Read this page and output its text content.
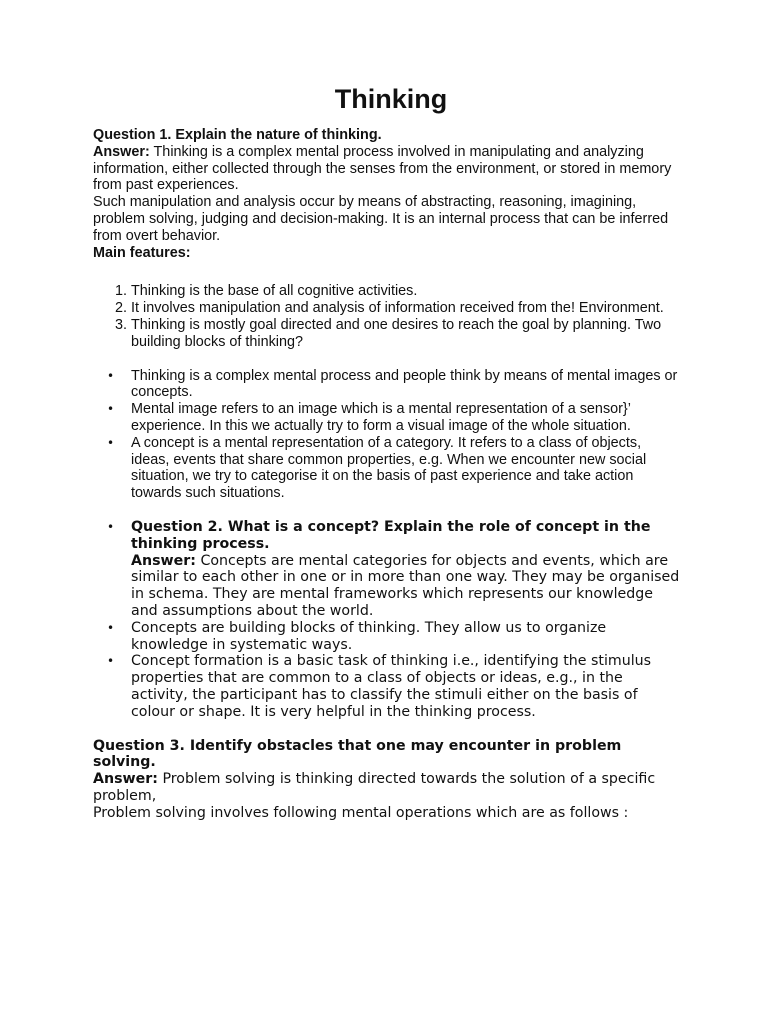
Thinking

Question 1. Explain the nature of thinking.

Answer: Thinking is a complex mental process involved in manipulating and analyzing information, either collected through the senses from the environment, or stored in memory from past experiences.

Such manipulation and analysis occur by means of abstracting, reasoning, imagining, problem solving, judging and decision-making. It is an internal process that can be inferred from overt behavior.

Main features:

1. Thinking is the base of all cognitive activities.
2. It involves manipulation and analysis of information received from the! Environment.
3. Thinking is mostly goal directed and one desires to reach the goal by planning. Two building blocks of thinking?
• Thinking is a complex mental process and people think by means of mental images or concepts.
• Mental image refers to an image which is a mental representation of a sensor}’ experience. In this we actually try to form a visual image of the whole situation.
• A concept is a mental representation of a category. It refers to a class of objects,
ideas, events that share common properties, e.g. When we encounter new social situation, we try to categorise it on the basis of past experience and take action towards such situations.
• Question 2. What is a concept? Explain the role of concept in the thinking process.
Answer: Concepts are mental categories for objects and events, which are similar to each other in one or in more than one way. They may be organised in schema. They are mental frameworks which represents our knowledge and assumptions about the world.
• Concepts are building blocks of thinking. They allow us to organize knowledge in systematic ways.
• Concept formation is a basic task of thinking i.e., identifying the stimulus properties that are common to a class of objects or ideas, e.g., in the activity, the participant has to classify the stimuli either on the basis of colour or shape. It is very helpful in the thinking process.

Question 3. Identify obstacles that one may encounter in problem solving.

Answer: Problem solving is thinking directed towards the solution of a specific problem,

Problem solving involves following mental operations which are as follows :
